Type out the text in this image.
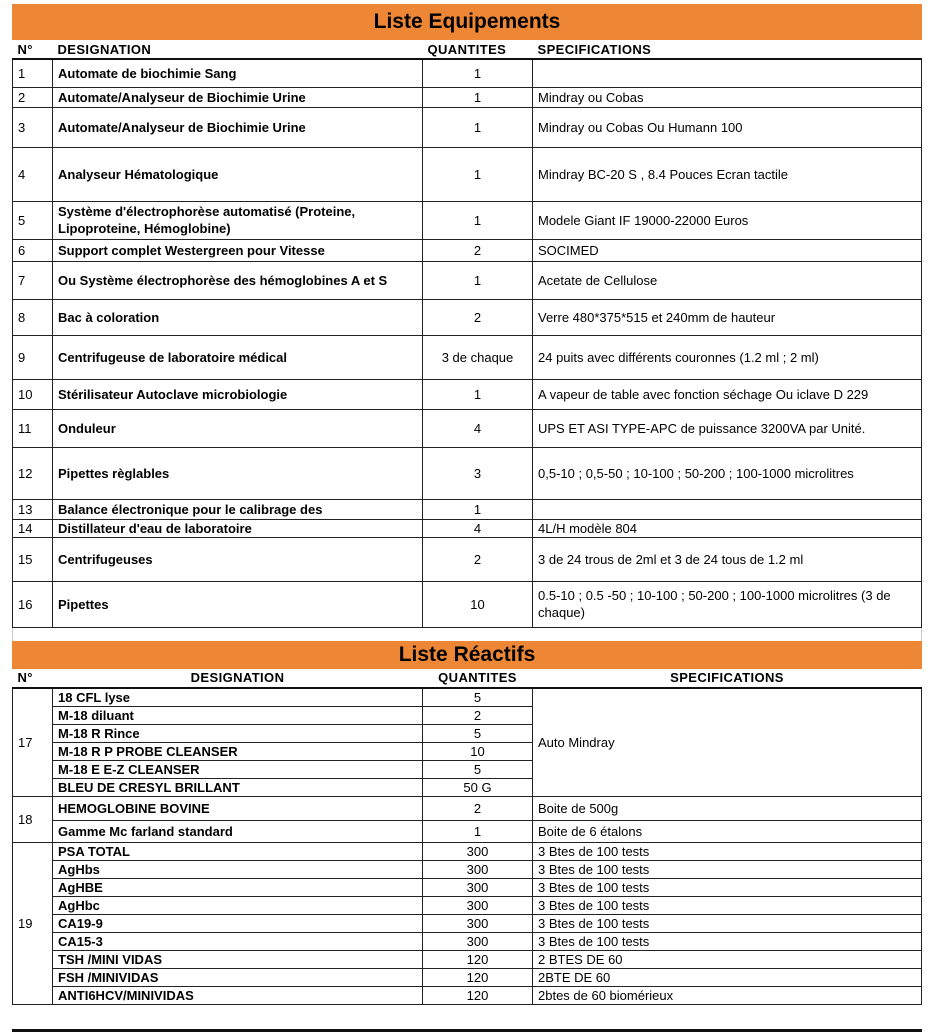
Liste Equipements
N°	DESIGNATION	QUANTITES	SPECIFICATIONS
1	Automate de biochimie Sang	1	
2	Automate/Analyseur de Biochimie Urine	1	Mindray ou Cobas
3	Automate/Analyseur de Biochimie Urine	1	Mindray ou Cobas Ou Humann 100
4	Analyseur Hématologique	1	Mindray BC-20 S , 8.4 Pouces Ecran tactile
5	Système d'électrophorèse automatisé (Proteine, Lipoproteine, Hémoglobine)	1	Modele Giant IF 19000-22000 Euros
6	Support complet Westergreen pour Vitesse	2	SOCIMED
7	Ou Système électrophorèse des hémoglobines A et S	1	Acetate de Cellulose
8	Bac à coloration	2	Verre 480*375*515 et 240mm de hauteur
9	Centrifugeuse de laboratoire médical	3 de chaque	24 puits avec différents couronnes (1.2 ml ; 2 ml)
10	Stérilisateur Autoclave microbiologie	1	A vapeur de table avec fonction séchage Ou iclave D 229
11	Onduleur	4	UPS ET ASI TYPE-APC de puissance 3200VA par Unité.
12	Pipettes règlables	3	0,5-10 ; 0,5-50 ; 10-100 ; 50-200 ; 100-1000 microlitres
13	Balance électronique pour le calibrage des	1	
14	Distillateur d'eau de laboratoire	4	4L/H modèle 804
15	Centrifugeuses	2	3 de 24 trous de 2ml et 3 de 24 tous de 1.2 ml
16	Pipettes	10	0.5-10 ; 0.5 -50 ; 10-100 ; 50-200 ; 100-1000 microlitres (3 de chaque)
Liste Réactifs
N°	DESIGNATION	QUANTITES	SPECIFICATIONS
17	18 CFL lyse	5	Auto Mindray
	M-18 diluant	2	
	M-18 R Rince	5	
	M-18 R P PROBE CLEANSER	10	
	M-18 E E-Z CLEANSER	5	
	BLEU DE CRESYL BRILLANT	50 G	
18	HEMOGLOBINE BOVINE	2	Boite de 500g
	Gamme Mc farland standard	1	Boite de 6 étalons
19	PSA TOTAL	300	3 Btes de 100 tests
	AgHbs	300	3 Btes de 100 tests
	AgHBE	300	3 Btes de 100 tests
	AgHbc	300	3 Btes de 100 tests
	CA19-9	300	3 Btes de 100 tests
	CA15-3	300	3 Btes de 100 tests
	TSH /MINI VIDAS	120	2 BTES DE 60
	FSH /MINIVIDAS	120	2BTE DE 60
	ANTI6HCV/MINIVIDAS	120	2btes de 60 biomérieux
